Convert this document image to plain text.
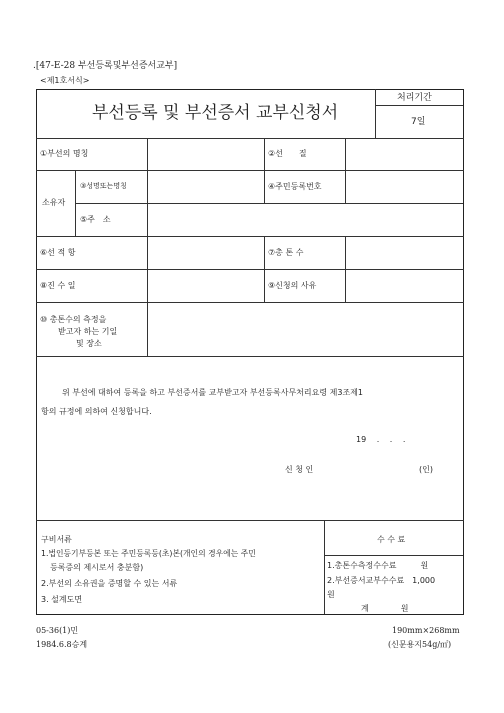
.[47-E-28 부선등록및부선증서교부]
<제1호서식>
부선등록 및 부선증서 교부신청서
처리기간
7일
①부선의 명칭	②선　　질
소유자
③성명또는명칭	④주민등록번호
⑤주　소
⑥선 적 항	⑦총 톤 수
⑧진 수 일	⑨신청의 사유
⑩ 총톤수의 측정을
받고자 하는 기일
및 장소
위 부선에 대하여 등록을 하고 부선증서를 교부받고자 부선등록사무처리요령 제3조제1
항의 규정에 의하여 신청합니다.
19　 .　 .　 .
신 청 인	(인)
구비서류
1.법인등기부등본 또는 주민등록등(초)본(개인의 경우에는 주민
등록증의 제시로서 충분함)
2.부선의 소유권을 증명할 수 있는 서류
3. 설계도면
수 수 료
1.총톤수측정수수료　　　원
2.부선증서교부수수료　1,000
원
계　　　　원
05-36(1)민
1984.6.8승계
190mm×268mm
(신문용지54g/㎡)
